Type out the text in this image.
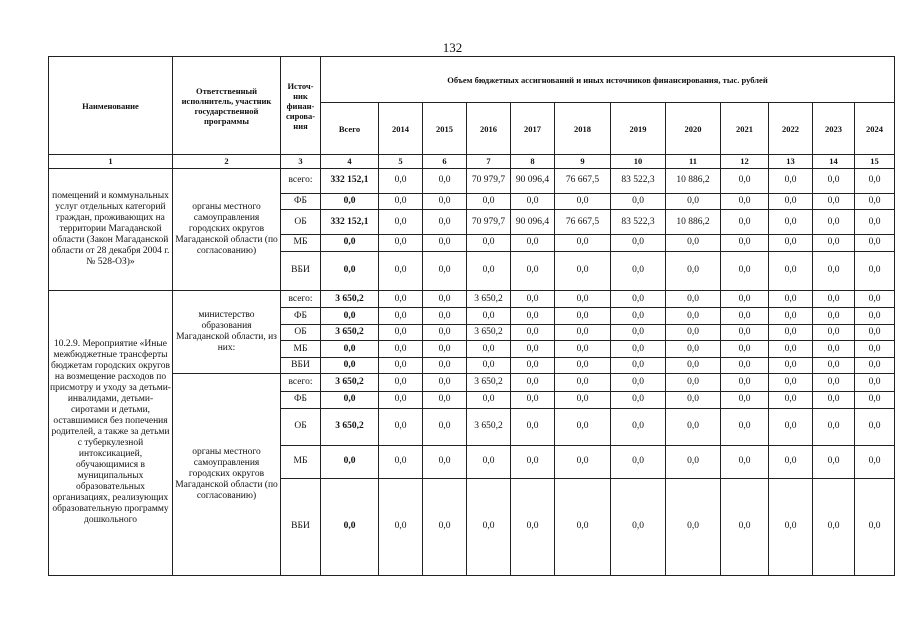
132
Наименование	Ответственный исполнитель, участник государственной программы	Источ-ник финан-сирова-ния	Объем бюджетных ассигнований и иных источников финансирования, тыс. рублей											
			Всего	2014	2015	2016	2017	2018	2019	2020	2021	2022	2023	2024
1	2	3	4	5	6	7	8	9	10	11	12	13	14	15
помещений и коммунальных услуг отдельных категорий граждан, проживающих на территории Магаданской области (Закон Магаданской области от 28 декабря 2004 г. № 528-ОЗ)»	органы местного самоуправления городских округов Магаданской области (по согласованию)	всего:	332 152,1	0,0	0,0	70 979,7	90 096,4	76 667,5	83 522,3	10 886,2	0,0	0,0	0,0	0,0
		ФБ	0,0	0,0	0,0	0,0	0,0	0,0	0,0	0,0	0,0	0,0	0,0	0,0
		ОБ	332 152,1	0,0	0,0	70 979,7	90 096,4	76 667,5	83 522,3	10 886,2	0,0	0,0	0,0	0,0
		МБ	0,0	0,0	0,0	0,0	0,0	0,0	0,0	0,0	0,0	0,0	0,0	0,0
		ВБИ	0,0	0,0	0,0	0,0	0,0	0,0	0,0	0,0	0,0	0,0	0,0	0,0
10.2.9. Мероприятие «Иные межбюджетные трансферты бюджетам городских округов на возмещение расходов по присмотру и уходу за детьми-инвалидами, детьми-сиротами и детьми, оставшимися без попечения родителей, а также за детьми с туберкулезной интоксикацией, обучающимися в муниципальных образовательных организациях, реализующих образовательную программу дошкольного	министерство образования Магаданской области, из них:	всего:	3 650,2	0,0	0,0	3 650,2	0,0	0,0	0,0	0,0	0,0	0,0	0,0	0,0
		ФБ	0,0	0,0	0,0	0,0	0,0	0,0	0,0	0,0	0,0	0,0	0,0	0,0
		ОБ	3 650,2	0,0	0,0	3 650,2	0,0	0,0	0,0	0,0	0,0	0,0	0,0	0,0
		МБ	0,0	0,0	0,0	0,0	0,0	0,0	0,0	0,0	0,0	0,0	0,0	0,0
		ВБИ	0,0	0,0	0,0	0,0	0,0	0,0	0,0	0,0	0,0	0,0	0,0	0,0
	органы местного самоуправления городских округов Магаданской области (по согласованию)	всего:	3 650,2	0,0	0,0	3 650,2	0,0	0,0	0,0	0,0	0,0	0,0	0,0	0,0
		ФБ	0,0	0,0	0,0	0,0	0,0	0,0	0,0	0,0	0,0	0,0	0,0	0,0
		ОБ	3 650,2	0,0	0,0	3 650,2	0,0	0,0	0,0	0,0	0,0	0,0	0,0	0,0
		МБ	0,0	0,0	0,0	0,0	0,0	0,0	0,0	0,0	0,0	0,0	0,0	0,0
		ВБИ	0,0	0,0	0,0	0,0	0,0	0,0	0,0	0,0	0,0	0,0	0,0	0,0
